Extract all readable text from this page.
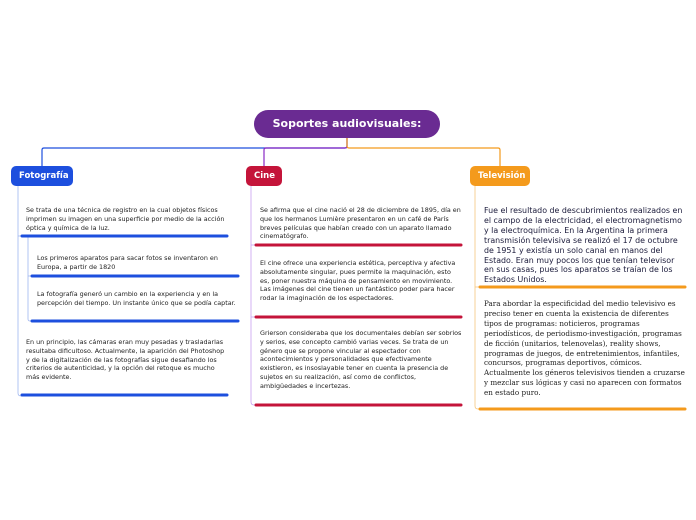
Soportes audiovisuales:
Fotografía	Cine	Televisión

Se trata de una técnica de registro en la cual objetos físicos imprimen su imagen en una superficie por medio de la acción óptica y química de la luz.

Los primeros aparatos para sacar fotos se inventaron en Europa, a partir de 1820

La fotografía generó un cambio en la experiencia y en la percepción del tiempo. Un instante único que se podía captar.

En un principio, las cámaras eran muy pesadas y trasladarlas resultaba dificultoso. Actualmente, la aparición del Photoshop y de la digitalización de las fotografías sigue desafiando los criterios de autenticidad, y la opción del retoque es mucho más evidente.

Se afirma que el cine nació el 28 de diciembre de 1895, día en que los hermanos Lumière presentaron en un café de París breves películas que habían creado con un aparato llamado cinematógrafo.

El cine ofrece una experiencia estética, perceptiva y afectiva absolutamente singular, pues permite la maquinación, esto es, poner nuestra máquina de pensamiento en movimiento. Las imágenes del cine tienen un fantástico poder para hacer rodar la imaginación de los espectadores.

Grierson consideraba que los documentales debían ser sobrios y serios, ese concepto cambió varias veces. Se trata de un género que se propone vincular al espectador con acontecimientos y personalidades que efectivamente existieron, es insoslayable tener en cuenta la presencia de sujetos en su realización, así como de conflictos, ambigüedades e incertezas.

Fue el resultado de descubrimientos realizados en el campo de la electricidad, el electromagnetismo y la electroquímica. En la Argentina la primera transmisión televisiva se realizó el 17 de octubre de 1951 y existía un solo canal en manos del Estado. Eran muy pocos los que tenían televisor en sus casas, pues los aparatos se traían de los Estados Unidos.

Para abordar la especificidad del medio televisivo es preciso tener en cuenta la existencia de diferentes tipos de programas: noticieros, programas periodísticos, de periodismo-investigación, programas de ficción (unitarios, telenovelas), reality shows, programas de juegos, de entretenimientos, infantiles, concursos, programas deportivos, cómicos. Actualmente los géneros televisivos tienden a cruzarse y mezclar sus lógicas y casi no aparecen con formatos en estado puro.
